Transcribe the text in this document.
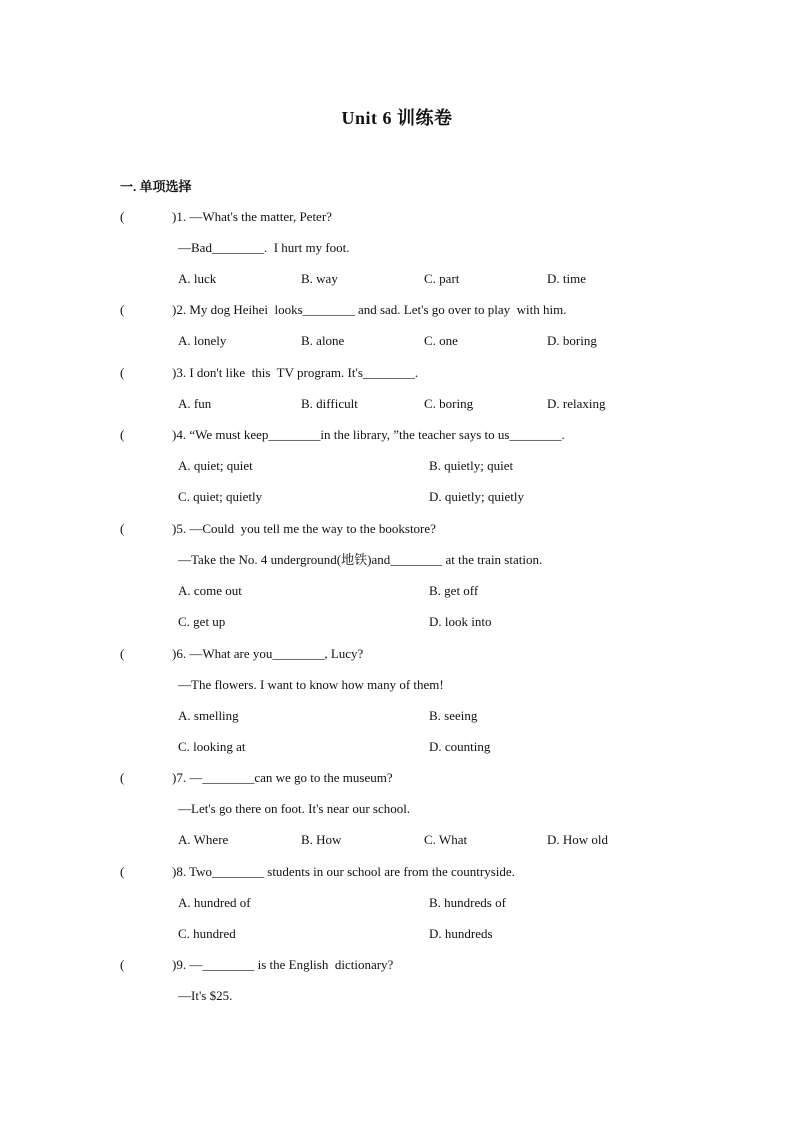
Unit 6 训练卷
一. 单项选择
(	)1. —What's the matter, Peter?
—Bad________.  I hurt my foot.
A. luck	B. way	C. part	D. time
(	)2. My dog Heihei  looks________ and sad. Let's go over to play  with him.
A. lonely	B. alone	C. one	D. boring
(	)3. I don't like  this  TV program. It's________.
A. fun	B. difficult	C. boring	D. relaxing
(	)4. “We must keep________in the library, ”the teacher says to us________.
A. quiet; quiet	B. quietly; quiet
C. quiet; quietly	D. quietly; quietly
(	)5. —Could  you tell me the way to the bookstore?
—Take the No. 4 underground(地铁)and________ at the train station.
A. come out	B. get off
C. get up	D. look into
(	)6. —What are you________, Lucy?
—The flowers. I want to know how many of them!
A. smelling	B. seeing
C. looking at	D. counting
(	)7. —________can we go to the museum?
—Let's go there on foot. It's near our school.
A. Where	B. How	C. What	D. How old
(	)8. Two________ students in our school are from the countryside.
A. hundred of	B. hundreds of
C. hundred	D. hundreds
(	)9. —________ is the English  dictionary?
—It's $25.
